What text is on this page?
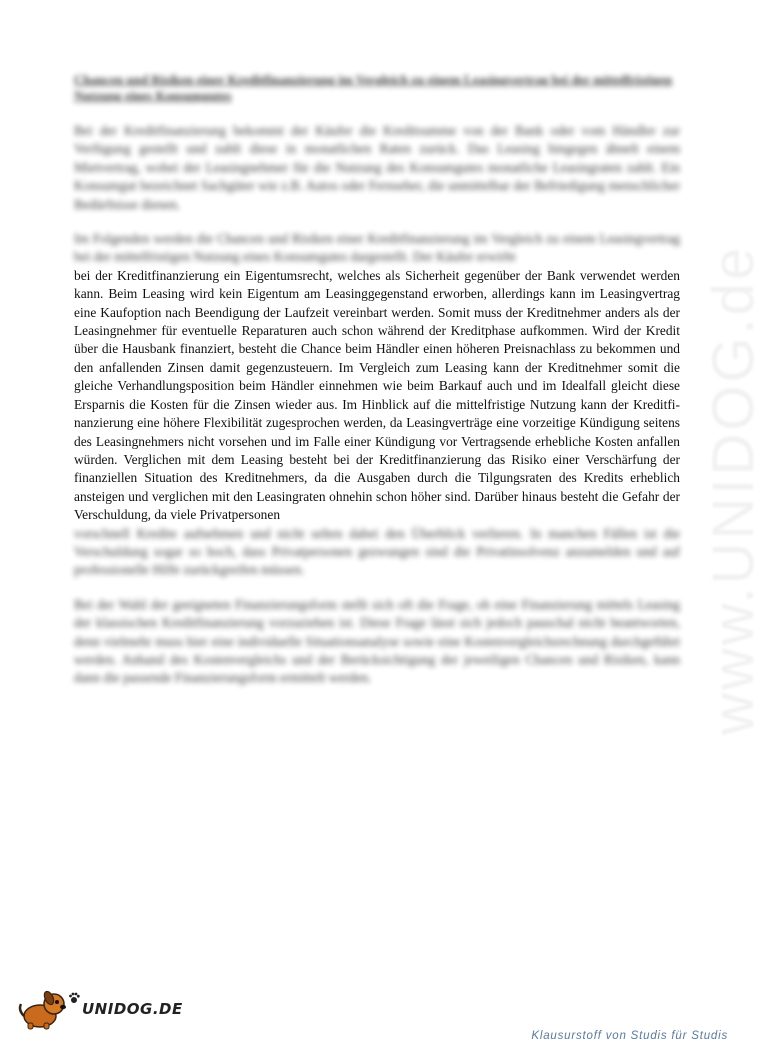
www.UNIDOG.de

Chancen und Risiken einer Kreditfinanzierung im Vergleich zu einem Leasingvertrag bei der mittelfristigen Nutzung eines Konsumgutes

Bei der Kreditfinanzierung bekommt der Käufer die Kreditsumme von der Bank oder vom Händler zur Verfügung gestellt und zahlt diese in monatlichen Raten zurück. Das Leasing hingegen ähnelt einem Mietvertrag, wobei der Leasingnehmer für die Nutzung des Konsumgutes monatliche Leasingraten zahlt. Ein Konsumgut bezeichnet Sachgüter wie z.B. Autos oder Fernseher, die unmittelbar der Befriedigung menschlicher Bedürfnisse dienen.

Im Folgenden werden die Chancen und Risiken einer Kreditfinanzierung im Vergleich zu einem Leasingvertrag bei der mittelfristigen Nutzung eines Konsumgutes dargestellt. Der Käufer erwirbt
bei der Kreditfinanzierung ein Eigentumsrecht, welches als Sicherheit gegenüber der Bank verwendet werden kann. Beim Leasing wird kein Eigentum am Leasinggegenstand erworben, allerdings kann im Leasingvertrag eine Kaufoption nach Beendigung der Laufzeit vereinbart werden. Somit muss der Kreditnehmer anders als der Leasingnehmer für eventuelle Reparaturen auch schon während der Kreditphase aufkommen. Wird der Kredit über die Hausbank finanziert, besteht die Chance beim Händler einen höheren Preisnachlass zu bekommen und den anfallenden Zinsen damit gegenzusteuern. Im Vergleich zum Leasing kann der Kreditnehmer somit die gleiche Verhandlungsposition beim Händler einnehmen wie beim Barkauf auch und im Idealfall gleicht diese Ersparnis die Kosten für die Zinsen wieder aus. Im Hinblick auf die mittelfristige Nutzung kann der Kreditfinanzierung eine höhere Flexibilität zugesprochen werden, da Leasingverträge eine vorzeitige Kündigung seitens des Leasingnehmers nicht vorsehen und im Falle einer Kündigung vor Vertragsende erhebliche Kosten anfallen würden. Verglichen mit dem Leasing besteht bei der Kreditfinanzierung das Risiko einer Verschärfung der finanziellen Situation des Kreditnehmers, da die Ausgaben durch die Tilgungsraten des Kredits erheblich ansteigen und verglichen mit den Leasingraten ohnehin schon höher sind. Darüber hinaus besteht die Gefahr der Verschuldung, da viele Privatpersonen
vorschnell Kredite aufnehmen und nicht selten dabei den Überblick verlieren. In manchen Fällen ist die Verschuldung sogar so hoch, dass Privatpersonen gezwungen sind die Privatinsolvenz anzumelden und auf professionelle Hilfe zurückgreifen müssen.

Bei der Wahl der geeigneten Finanzierungsform stellt sich oft die Frage, ob eine Finanzierung mittels Leasing der klassischen Kreditfinanzierung vorzuziehen ist. Diese Frage lässt sich jedoch pauschal nicht beantworten, denn vielmehr muss hier eine individuelle Situationsanalyse sowie eine Kostenvergleichsrechnung durchgeführt werden. Anhand des Kostenvergleichs und der Berücksichtigung der jeweiligen Chancen und Risiken, kann dann die passende Finanzierungsform ermittelt werden.

UNIDOG.DE
Klausurstoff von Studis für Studis
